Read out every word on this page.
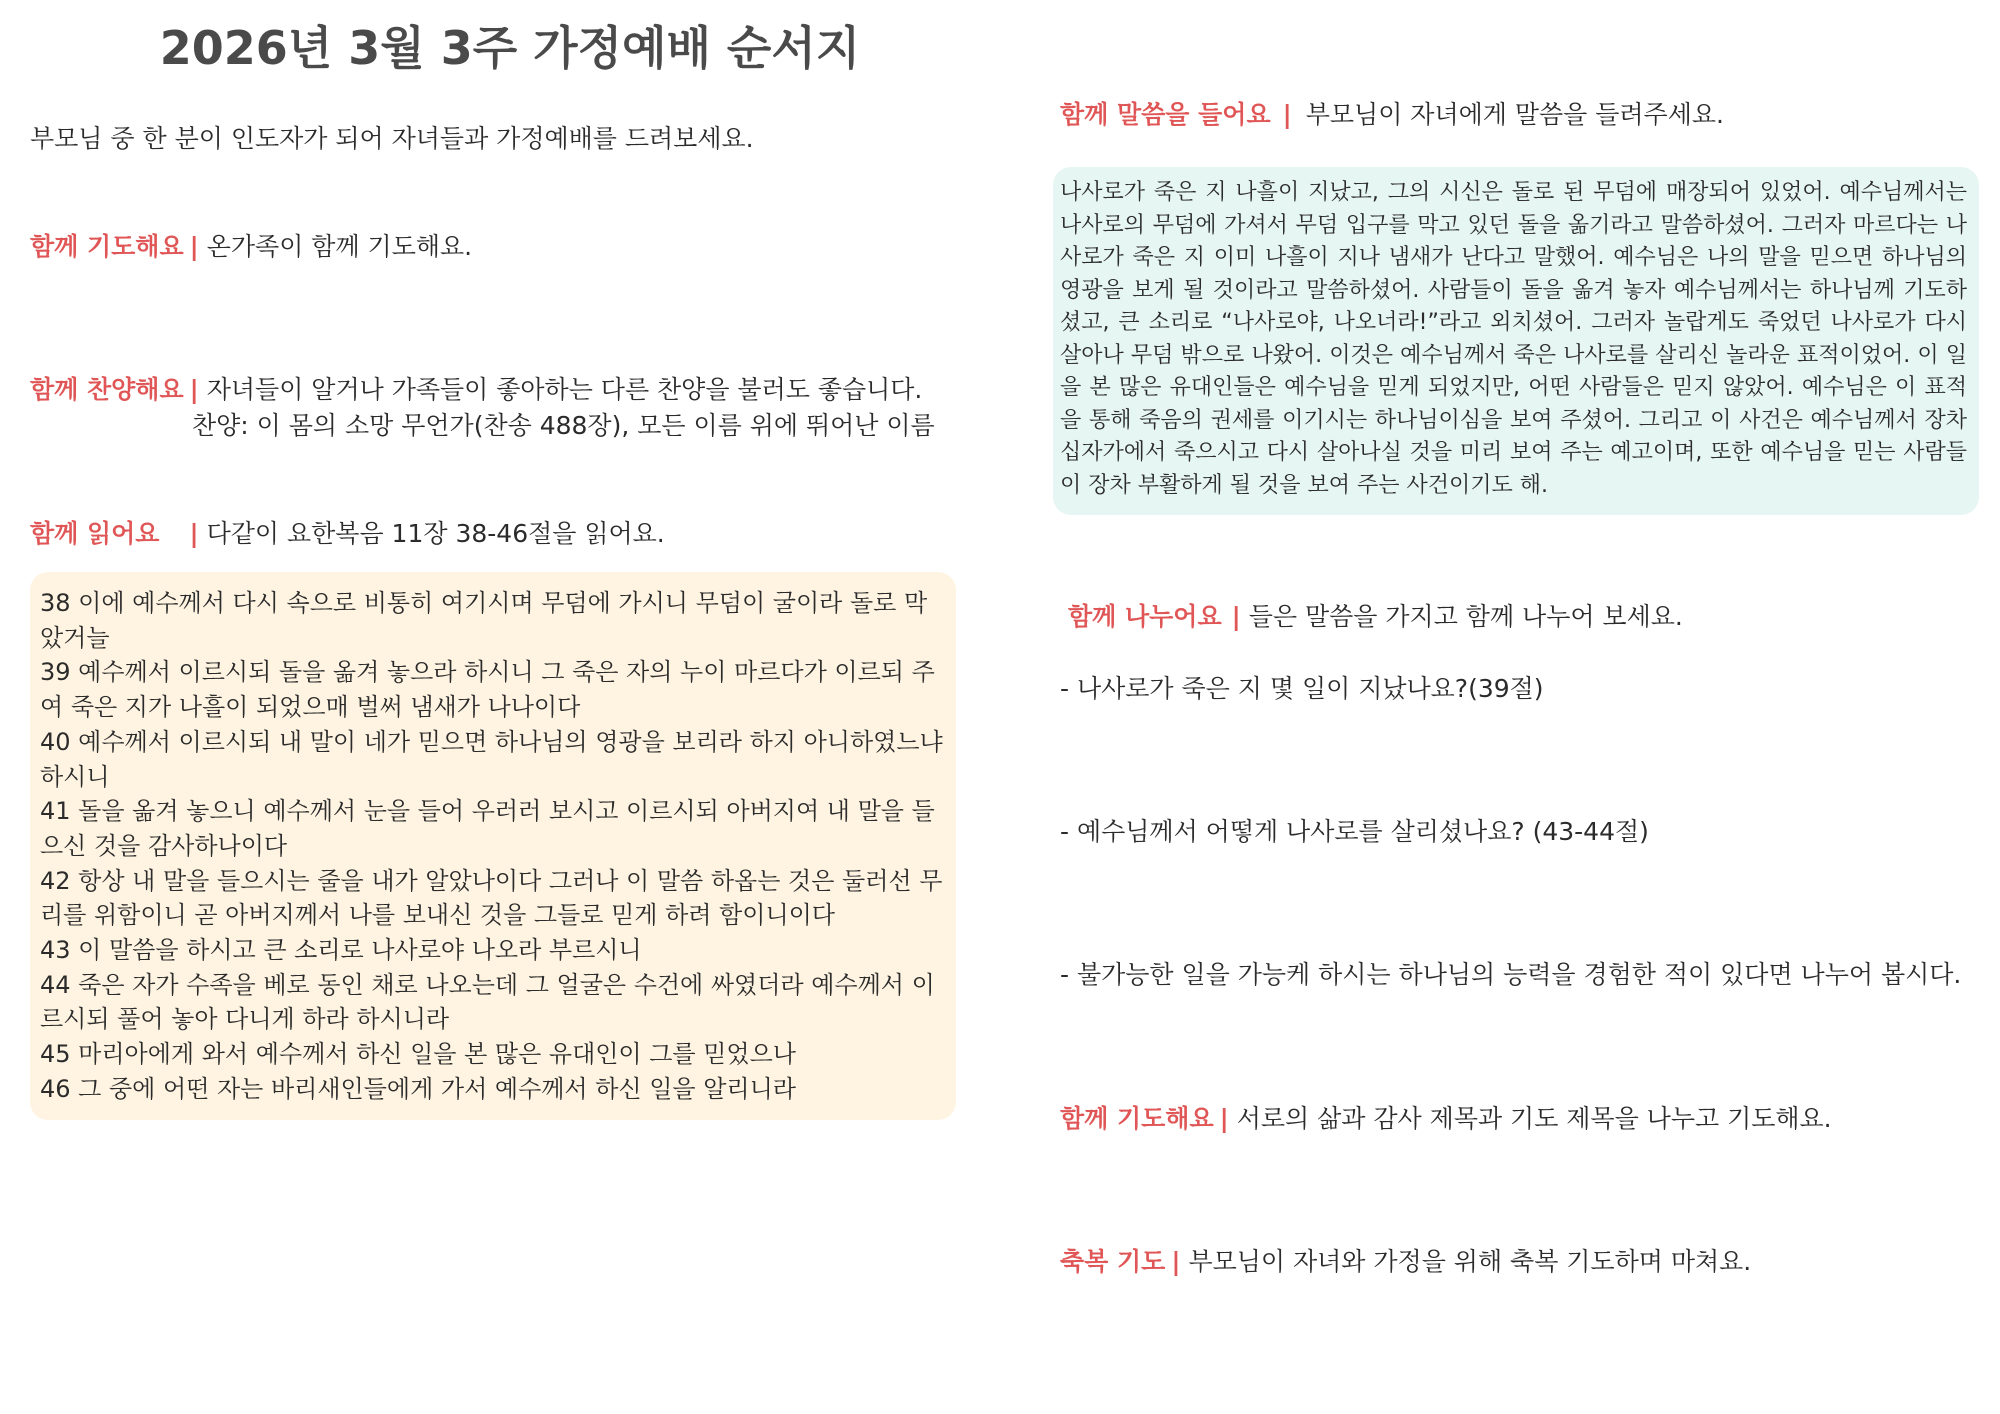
2026년 3월 3주 가정예배 순서지
부모님 중 한 분이 인도자가 되어 자녀들과 가정예배를 드려보세요.
함께 기도해요 | 온가족이 함께 기도해요.
함께 찬양해요 | 자녀들이 알거나 가족들이 좋아하는 다른 찬양을 불러도 좋습니다.
찬양: 이 몸의 소망 무언가(찬송 488장), 모든 이름 위에 뛰어난 이름
함께 읽어요 | 다같이 요한복음 11장 38-46절을 읽어요.

38 이에 예수께서 다시 속으로 비통히 여기시며 무덤에 가시니 무덤이 굴이라 돌로 막았거늘

39 예수께서 이르시되 돌을 옮겨 놓으라 하시니 그 죽은 자의 누이 마르다가 이르되 주여 죽은 지가 나흘이 되었으매 벌써 냄새가 나나이다

40 예수께서 이르시되 내 말이 네가 믿으면 하나님의 영광을 보리라 하지 아니하였느냐 하시니

41 돌을 옮겨 놓으니 예수께서 눈을 들어 우러러 보시고 이르시되 아버지여 내 말을 들으신 것을 감사하나이다

42 항상 내 말을 들으시는 줄을 내가 알았나이다 그러나 이 말씀 하옵는 것은 둘러선 무리를 위함이니 곧 아버지께서 나를 보내신 것을 그들로 믿게 하려 함이니이다

43 이 말씀을 하시고 큰 소리로 나사로야 나오라 부르시니

44 죽은 자가 수족을 베로 동인 채로 나오는데 그 얼굴은 수건에 싸였더라 예수께서 이르시되 풀어 놓아 다니게 하라 하시니라

45 마리아에게 와서 예수께서 하신 일을 본 많은 유대인이 그를 믿었으나

46 그 중에 어떤 자는 바리새인들에게 가서 예수께서 하신 일을 알리니라

함께 말씀을 들어요 | 부모님이 자녀에게 말씀을 들려주세요.
나사로가 죽은 지 나흘이 지났고, 그의 시신은 돌로 된 무덤에 매장되어 있었어. 예수님께서는 나사로의 무덤에 가셔서 무덤 입구를 막고 있던 돌을 옮기라고 말씀하셨어. 그러자 마르다는 나사로가 죽은 지 이미 나흘이 지나 냄새가 난다고 말했어. 예수님은 나의 말을 믿으면 하나님의 영광을 보게 될 것이라고 말씀하셨어. 사람들이 돌을 옮겨 놓자 예수님께서는 하나님께 기도하셨고, 큰 소리로 “나사로야, 나오너라!”라고 외치셨어. 그러자 놀랍게도 죽었던 나사로가 다시 살아나 무덤 밖으로 나왔어. 이것은 예수님께서 죽은 나사로를 살리신 놀라운 표적이었어. 이 일을 본 많은 유대인들은 예수님을 믿게 되었지만, 어떤 사람들은 믿지 않았어. 예수님은 이 표적을 통해 죽음의 권세를 이기시는 하나님이심을 보여 주셨어. 그리고 이 사건은 예수님께서 장차 십자가에서 죽으시고 다시 살아나실 것을 미리 보여 주는 예고이며, 또한 예수님을 믿는 사람들이 장차 부활하게 될 것을 보여 주는 사건이기도 해.
함께 나누어요 | 들은 말씀을 가지고 함께 나누어 보세요.
- 나사로가 죽은 지 몇 일이 지났나요?(39절)
- 예수님께서 어떻게 나사로를 살리셨나요? (43-44절)
- 불가능한 일을 가능케 하시는 하나님의 능력을 경험한 적이 있다면 나누어 봅시다.
함께 기도해요 | 서로의 삶과 감사 제목과 기도 제목을 나누고 기도해요.
축복 기도 | 부모님이 자녀와 가정을 위해 축복 기도하며 마쳐요.
